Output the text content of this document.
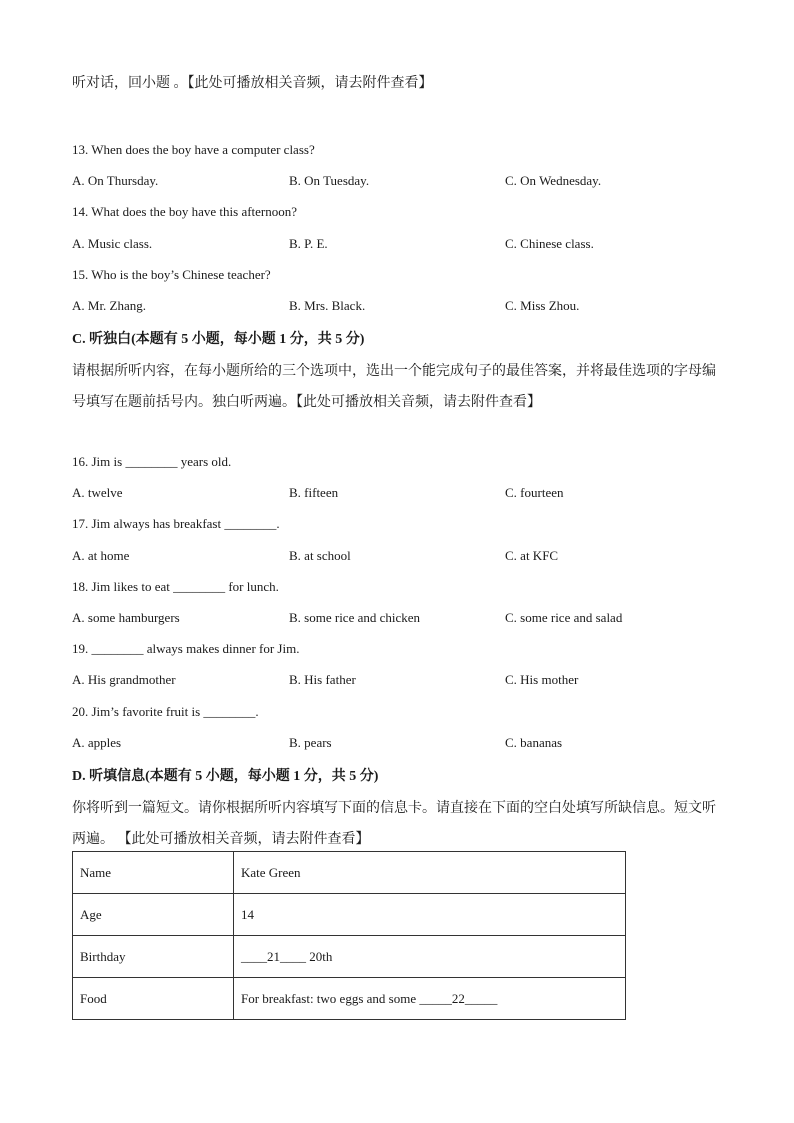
听对话，回小题 。【此处可播放相关音频，请去附件查看】
13. When does the boy have a computer class?
A. On Thursday.	B. On Tuesday.	C. On Wednesday.
14. What does the boy have this afternoon?
A. Music class.	B. P. E.	C. Chinese class.
15. Who is the boy’s Chinese teacher?
A. Mr. Zhang.	B. Mrs. Black.	C. Miss Zhou.
C. 听独白(本题有 5 小题，每小题 1 分，共 5 分)
请根据所听内容，在每小题所给的三个选项中，选出一个能完成句子的最佳答案，并将最佳选项的字母编
号填写在题前括号内。独白听两遍。【此处可播放相关音频，请去附件查看】
16. Jim is ________ years old.
A. twelve	B. fifteen	C. fourteen
17. Jim always has breakfast ________.
A. at home	B. at school	C. at KFC
18. Jim likes to eat ________ for lunch.
A. some hamburgers	B. some rice and chicken	C. some rice and salad
19. ________ always makes dinner for Jim.
A. His grandmother	B. His father	C. His mother
20. Jim’s favorite fruit is ________.
A. apples	B. pears	C. bananas
D. 听填信息(本题有 5 小题，每小题 1 分，共 5 分)
你将听到一篇短文。请你根据所听内容填写下面的信息卡。请直接在下面的空白处填写所缺信息。短文听
两遍。 【此处可播放相关音频，请去附件查看】
Name	Kate Green
Age	14
Birthday	____21____ 20th
Food	For breakfast: two eggs and some _____22_____
